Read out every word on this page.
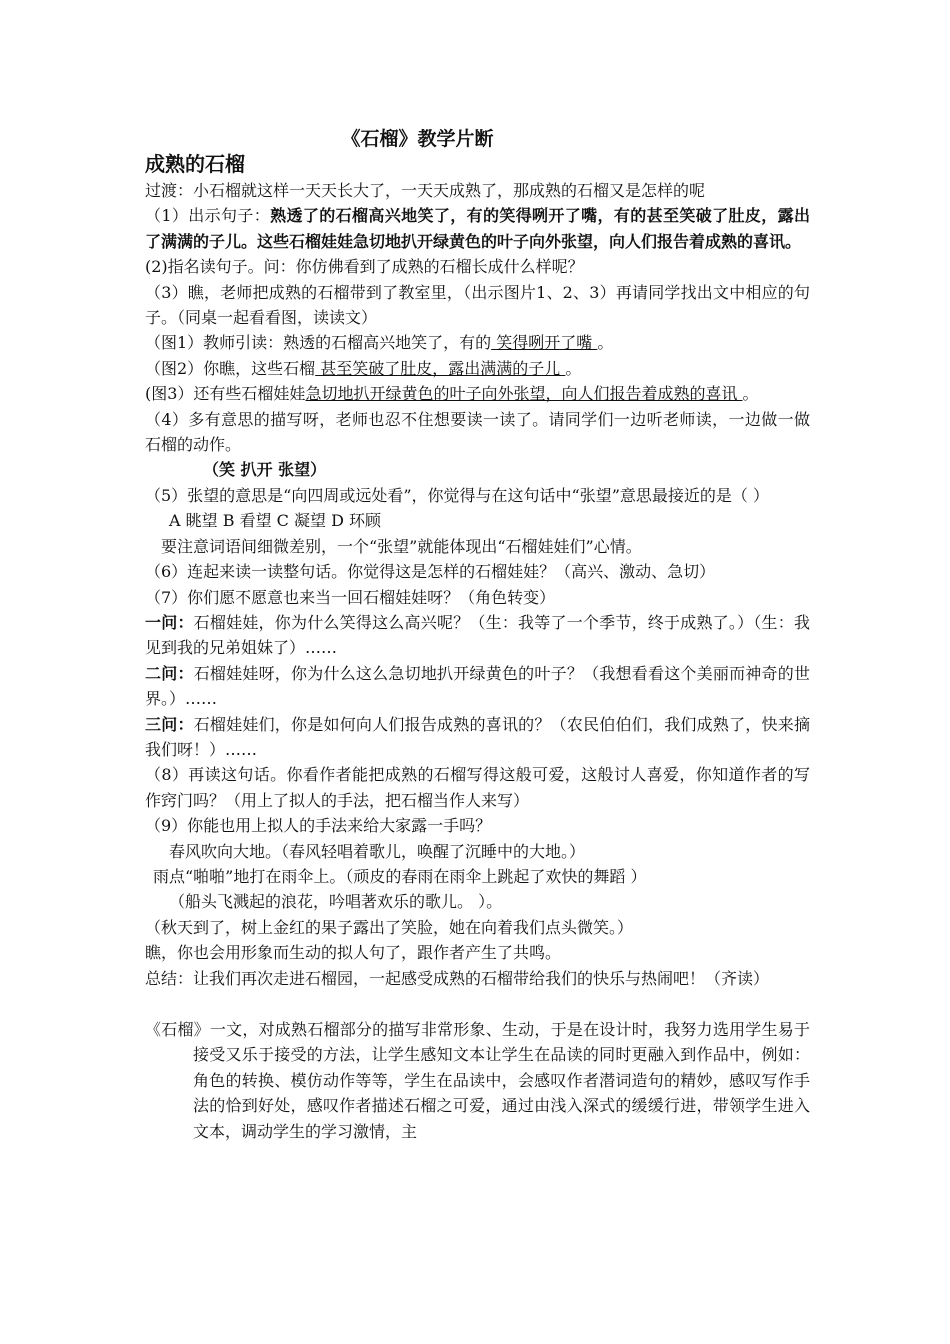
《石榴》教学片断
成熟的石榴

过渡：小石榴就这样一天天长大了，一天天成熟了，那成熟的石榴又是怎样的呢

（1）出示句子：熟透了的石榴高兴地笑了，有的笑得咧开了嘴，有的甚至笑破了肚皮，露出了满满的子儿。这些石榴娃娃急切地扒开绿黄色的叶子向外张望，向人们报告着成熟的喜讯。

(2)指名读句子。问：你仿佛看到了成熟的石榴长成什么样呢？

（3）瞧，老师把成熟的石榴带到了教室里，（出示图片1、2、3）再请同学找出文中相应的句子。（同桌一起看看图，读读文）

（图1）教师引读：熟透的石榴高兴地笑了，有的 笑得咧开了嘴 。

（图2）你瞧，这些石榴 甚至笑破了肚皮，露出满满的子儿 。

(图3）还有些石榴娃娃急切地扒开绿黄色的叶子向外张望，向人们报告着成熟的喜讯 。

（4）多有意思的描写呀，老师也忍不住想要读一读了。请同学们一边听老师读，一边做一做石榴的动作。

（笑 扒开 张望）

（5）张望的意思是“向四周或远处看”，你觉得与在这句话中“张望”意思最接近的是（ ）

A 眺望 B 看望 C 凝望 D 环顾

要注意词语间细微差别，一个“张望”就能体现出“石榴娃娃们”心情。

（6）连起来读一读整句话。你觉得这是怎样的石榴娃娃？（高兴、激动、急切）

（7）你们愿不愿意也来当一回石榴娃娃呀？（角色转变）

一问：石榴娃娃，你为什么笑得这么高兴呢？（生：我等了一个季节，终于成熟了。）（生：我见到我的兄弟姐妹了）……

二问：石榴娃娃呀，你为什么这么急切地扒开绿黄色的叶子？（我想看看这个美丽而神奇的世界。）……

三问：石榴娃娃们，你是如何向人们报告成熟的喜讯的？（农民伯伯们，我们成熟了，快来摘我们呀！）……

（8）再读这句话。你看作者能把成熟的石榴写得这般可爱，这般讨人喜爱，你知道作者的写作窍门吗？（用上了拟人的手法，把石榴当作人来写）

（9）你能也用上拟人的手法来给大家露一手吗？

春风吹向大地。（春风轻唱着歌儿，唤醒了沉睡中的大地。）

雨点“啪啪”地打在雨伞上。（顽皮的春雨在雨伞上跳起了欢快的舞蹈 ）

（船头飞溅起的浪花，吟唱著欢乐的歌儿。 ）。

（秋天到了，树上金红的果子露出了笑脸，她在向着我们点头微笑。）

瞧，你也会用形象而生动的拟人句了，跟作者产生了共鸣。

总结：让我们再次走进石榴园，一起感受成熟的石榴带给我们的快乐与热闹吧！（齐读）

《石榴》一文，对成熟石榴部分的描写非常形象、生动，于是在设计时，我努力选用学生易于接受又乐于接受的方法，让学生感知文本让学生在品读的同时更融入到作品中，例如：角色的转换、模仿动作等等，学生在品读中，会感叹作者潜词造句的精妙，感叹写作手法的恰到好处，感叹作者描述石榴之可爱，通过由浅入深式的缓缓行进，带领学生进入文本，调动学生的学习激情，主
